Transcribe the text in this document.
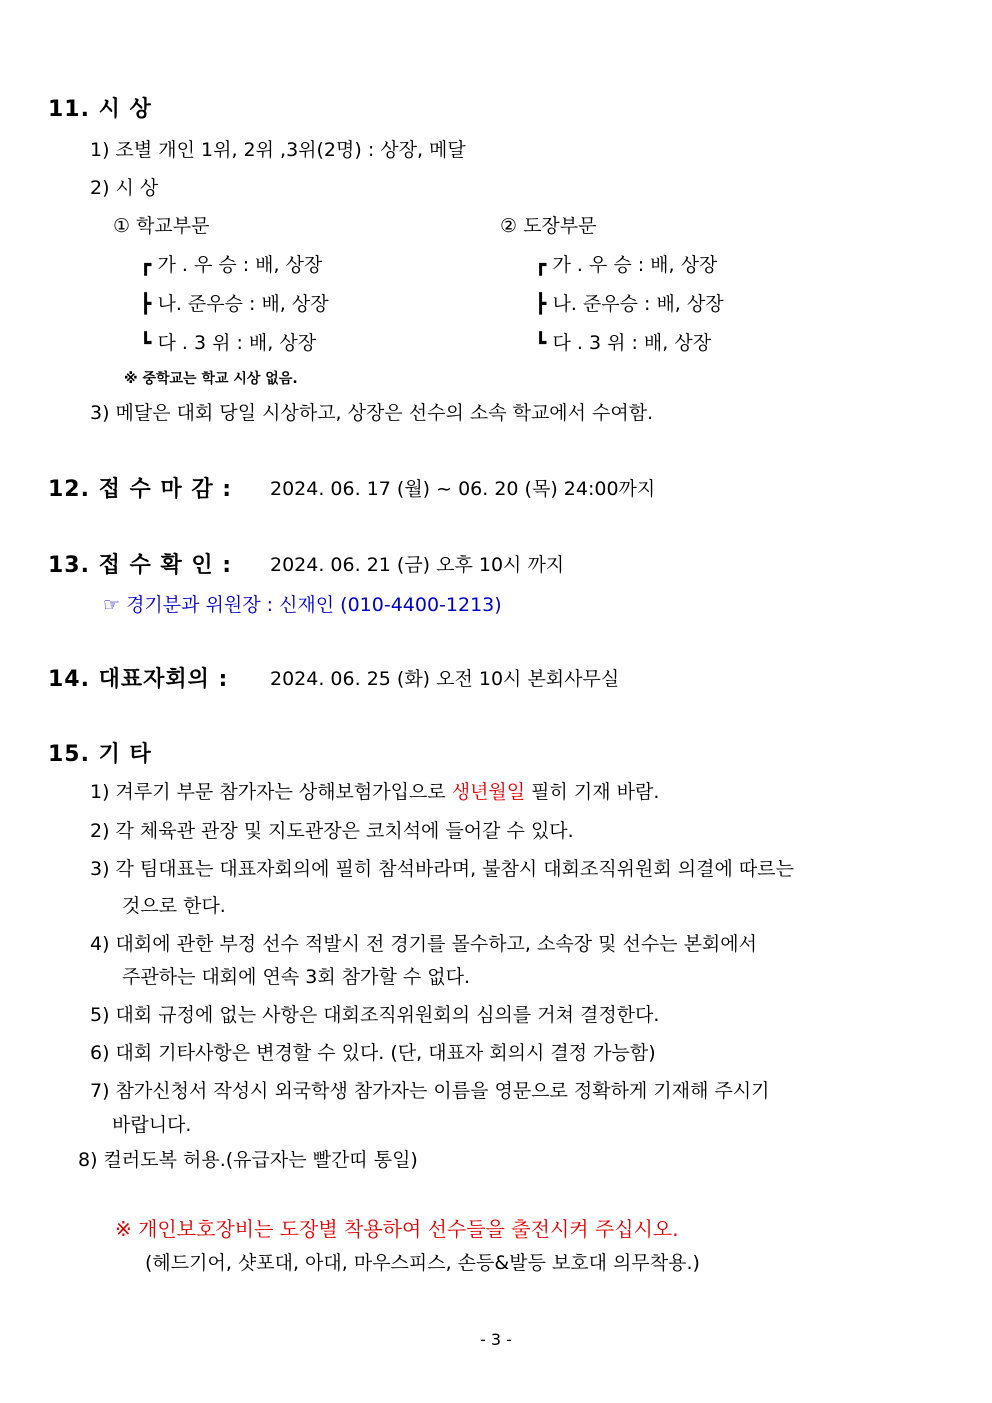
11. 시 상
1) 조별 개인 1위, 2위 ,3위(2명) : 상장, 메달
2) 시 상
① 학교부문	② 도장부문
┏ 가 . 우 승 : 배, 상장
┣ 나. 준우승 : 배, 상장
┗ 다 . 3 위 : 배, 상장
┏ 가 . 우 승 : 배, 상장
┣ 나. 준우승 : 배, 상장
┗ 다 . 3 위 : 배, 상장
※ 중학교는 학교 시상 없음.
3) 메달은 대회 당일 시상하고, 상장은 선수의 소속 학교에서 수여함.
12. 접 수 마 감 : 2024. 06. 17 (월) ~ 06. 20 (목) 24:00까지
13. 접 수 확 인 : 2024. 06. 21 (금) 오후 10시 까지
☞ 경기분과 위원장 : 신재인 (010-4400-1213)
14. 대표자회의 : 2024. 06. 25 (화) 오전 10시 본회사무실
15. 기 타
1) 겨루기 부문 참가자는 상해보험가입으로 생년월일 필히 기재 바람.
2) 각 체육관 관장 및 지도관장은 코치석에 들어갈 수 있다.
3) 각 팀대표는 대표자회의에 필히 참석바라며, 불참시 대회조직위원회 의결에 따르는
것으로 한다.
4) 대회에 관한 부정 선수 적발시 전 경기를 몰수하고, 소속장 및 선수는 본회에서
주관하는 대회에 연속 3회 참가할 수 없다.
5) 대회 규정에 없는 사항은 대회조직위원회의 심의를 거쳐 결정한다.
6) 대회 기타사항은 변경할 수 있다. (단, 대표자 회의시 결정 가능함)
7) 참가신청서 작성시 외국학생 참가자는 이름을 영문으로 정확하게 기재해 주시기
바랍니다.
8) 컬러도복 허용.(유급자는 빨간띠 통일)
※ 개인보호장비는 도장별 착용하여 선수들을 출전시켜 주십시오.
(헤드기어, 샷포대, 아대, 마우스피스, 손등&발등 보호대 의무착용.)
- 3 -
